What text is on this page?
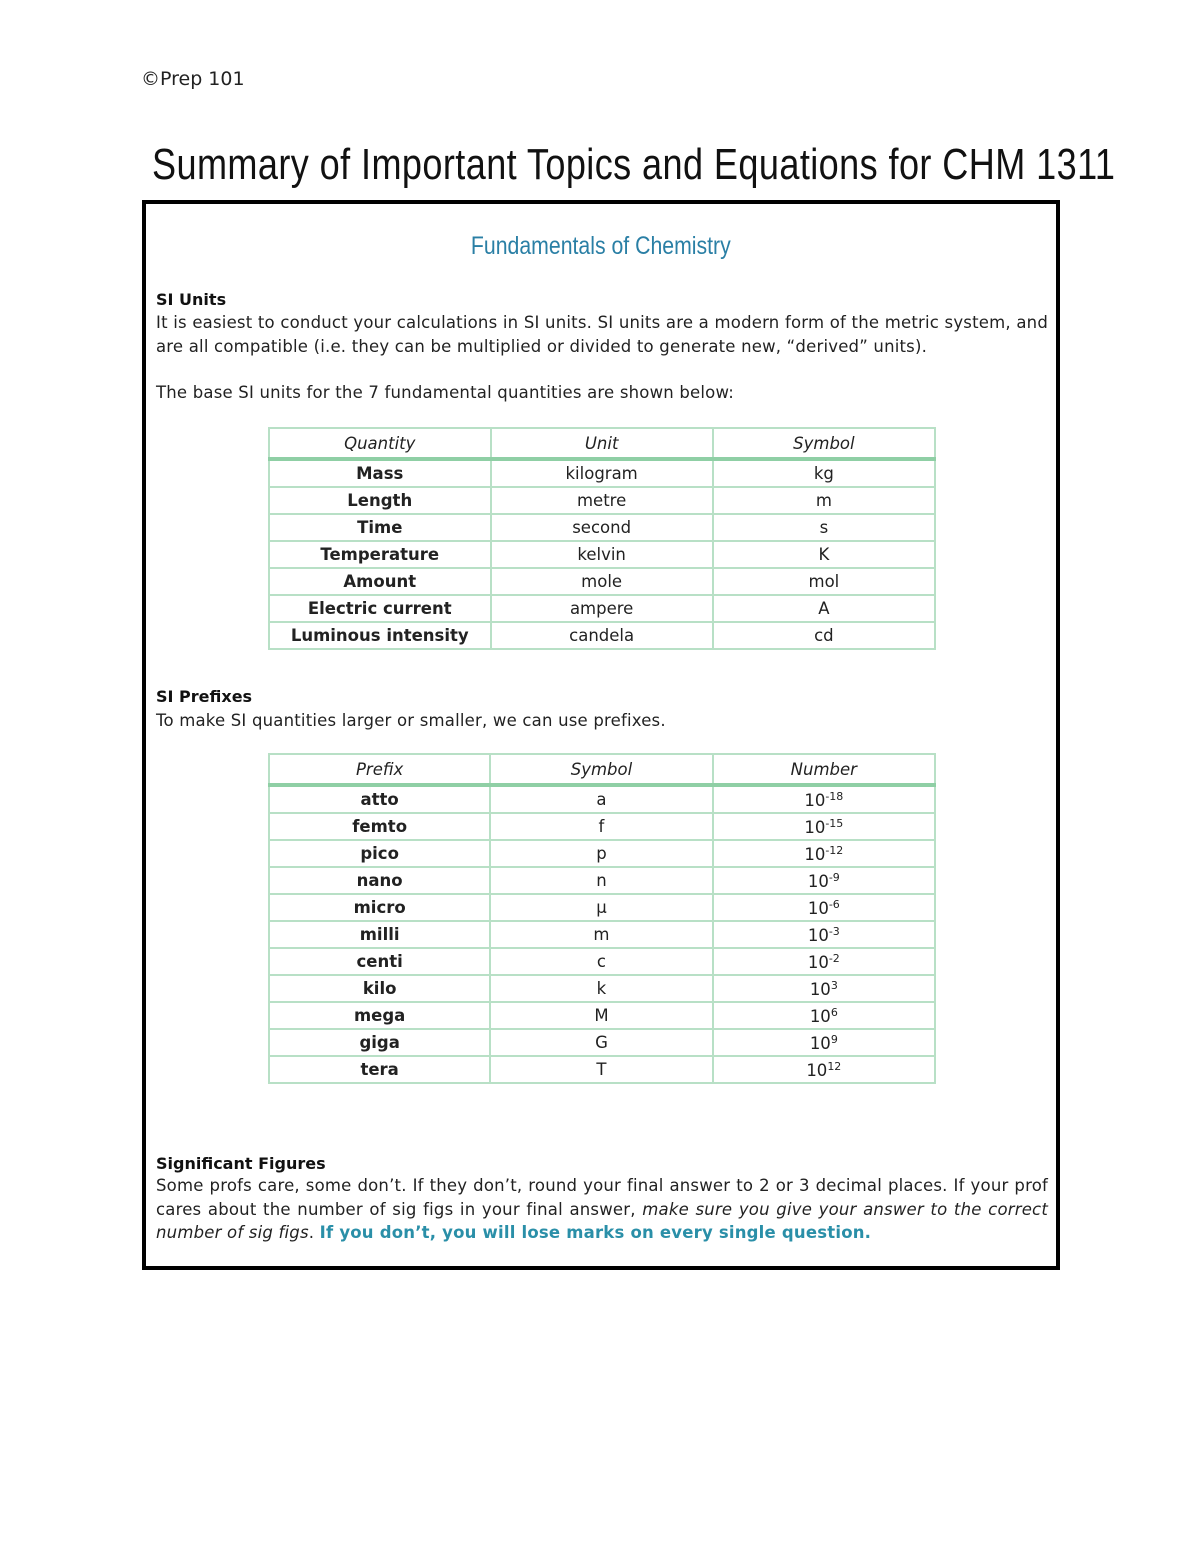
©Prep 101
Summary of Important Topics and Equations for CHM 1311
Fundamentals of Chemistry
SI Units
It is easiest to conduct your calculations in SI units. SI units are a modern form of the metric system, and are all compatible (i.e. they can be multiplied or divided to generate new, “derived” units).
The base SI units for the 7 fundamental quantities are shown below:
Quantity	Unit	Symbol
Mass	kilogram	kg
Length	metre	m
Time	second	s
Temperature	kelvin	K
Amount	mole	mol
Electric current	ampere	A
Luminous intensity	candela	cd
SI Prefixes
To make SI quantities larger or smaller, we can use prefixes.
Prefix	Symbol	Number
atto	a	$10^{-18}$
femto	f	$10^{-15}$
pico	p	$10^{-12}$
nano	n	$10^{-9}$
micro	μ	$10^{-6}$
milli	m	$10^{-3}$
centi	c	$10^{-2}$
kilo	k	$10^3$
mega	M	$10^6$
giga	G	$10^9$
tera	T	$10^{12}$
Significant Figures
Some profs care, some don’t. If they don’t, round your final answer to 2 or 3 decimal places. If your prof cares about the number of sig figs in your final answer, make sure you give your answer to the correct number of sig figs. If you don’t, you will lose marks on every single question.
